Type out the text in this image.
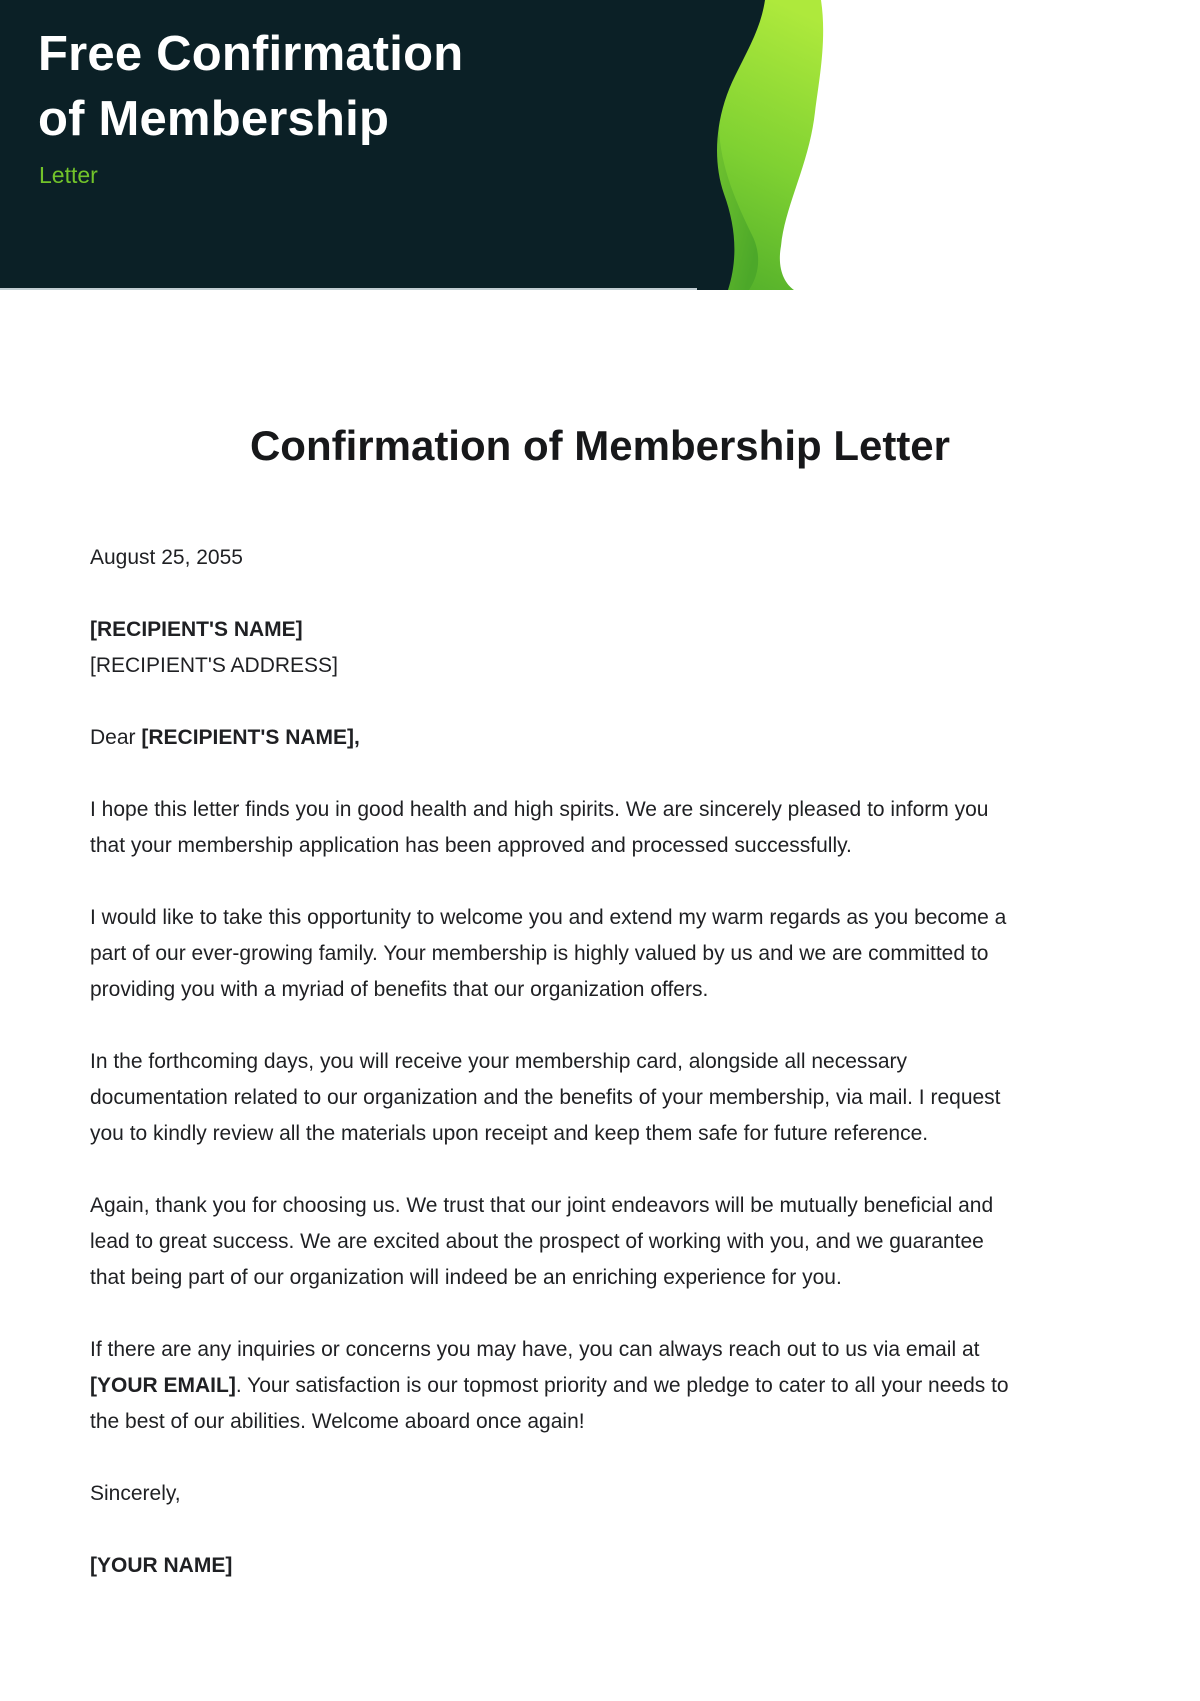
Free Confirmation
of Membership

Letter

Confirmation of Membership Letter

August 25, 2055

[RECIPIENT'S NAME]

[RECIPIENT'S ADDRESS]

Dear [RECIPIENT'S NAME],

I hope this letter finds you in good health and high spirits. We are sincerely pleased to inform you that your membership application has been approved and processed successfully.

I would like to take this opportunity to welcome you and extend my warm regards as you become a part of our ever-growing family. Your membership is highly valued by us and we are committed to providing you with a myriad of benefits that our organization offers.

In the forthcoming days, you will receive your membership card, alongside all necessary documentation related to our organization and the benefits of your membership, via mail. I request you to kindly review all the materials upon receipt and keep them safe for future reference.

Again, thank you for choosing us. We trust that our joint endeavors will be mutually beneficial and lead to great success. We are excited about the prospect of working with you, and we guarantee that being part of our organization will indeed be an enriching experience for you.

If there are any inquiries or concerns you may have, you can always reach out to us via email at [YOUR EMAIL]. Your satisfaction is our topmost priority and we pledge to cater to all your needs to the best of our abilities. Welcome aboard once again!

Sincerely,

[YOUR NAME]
